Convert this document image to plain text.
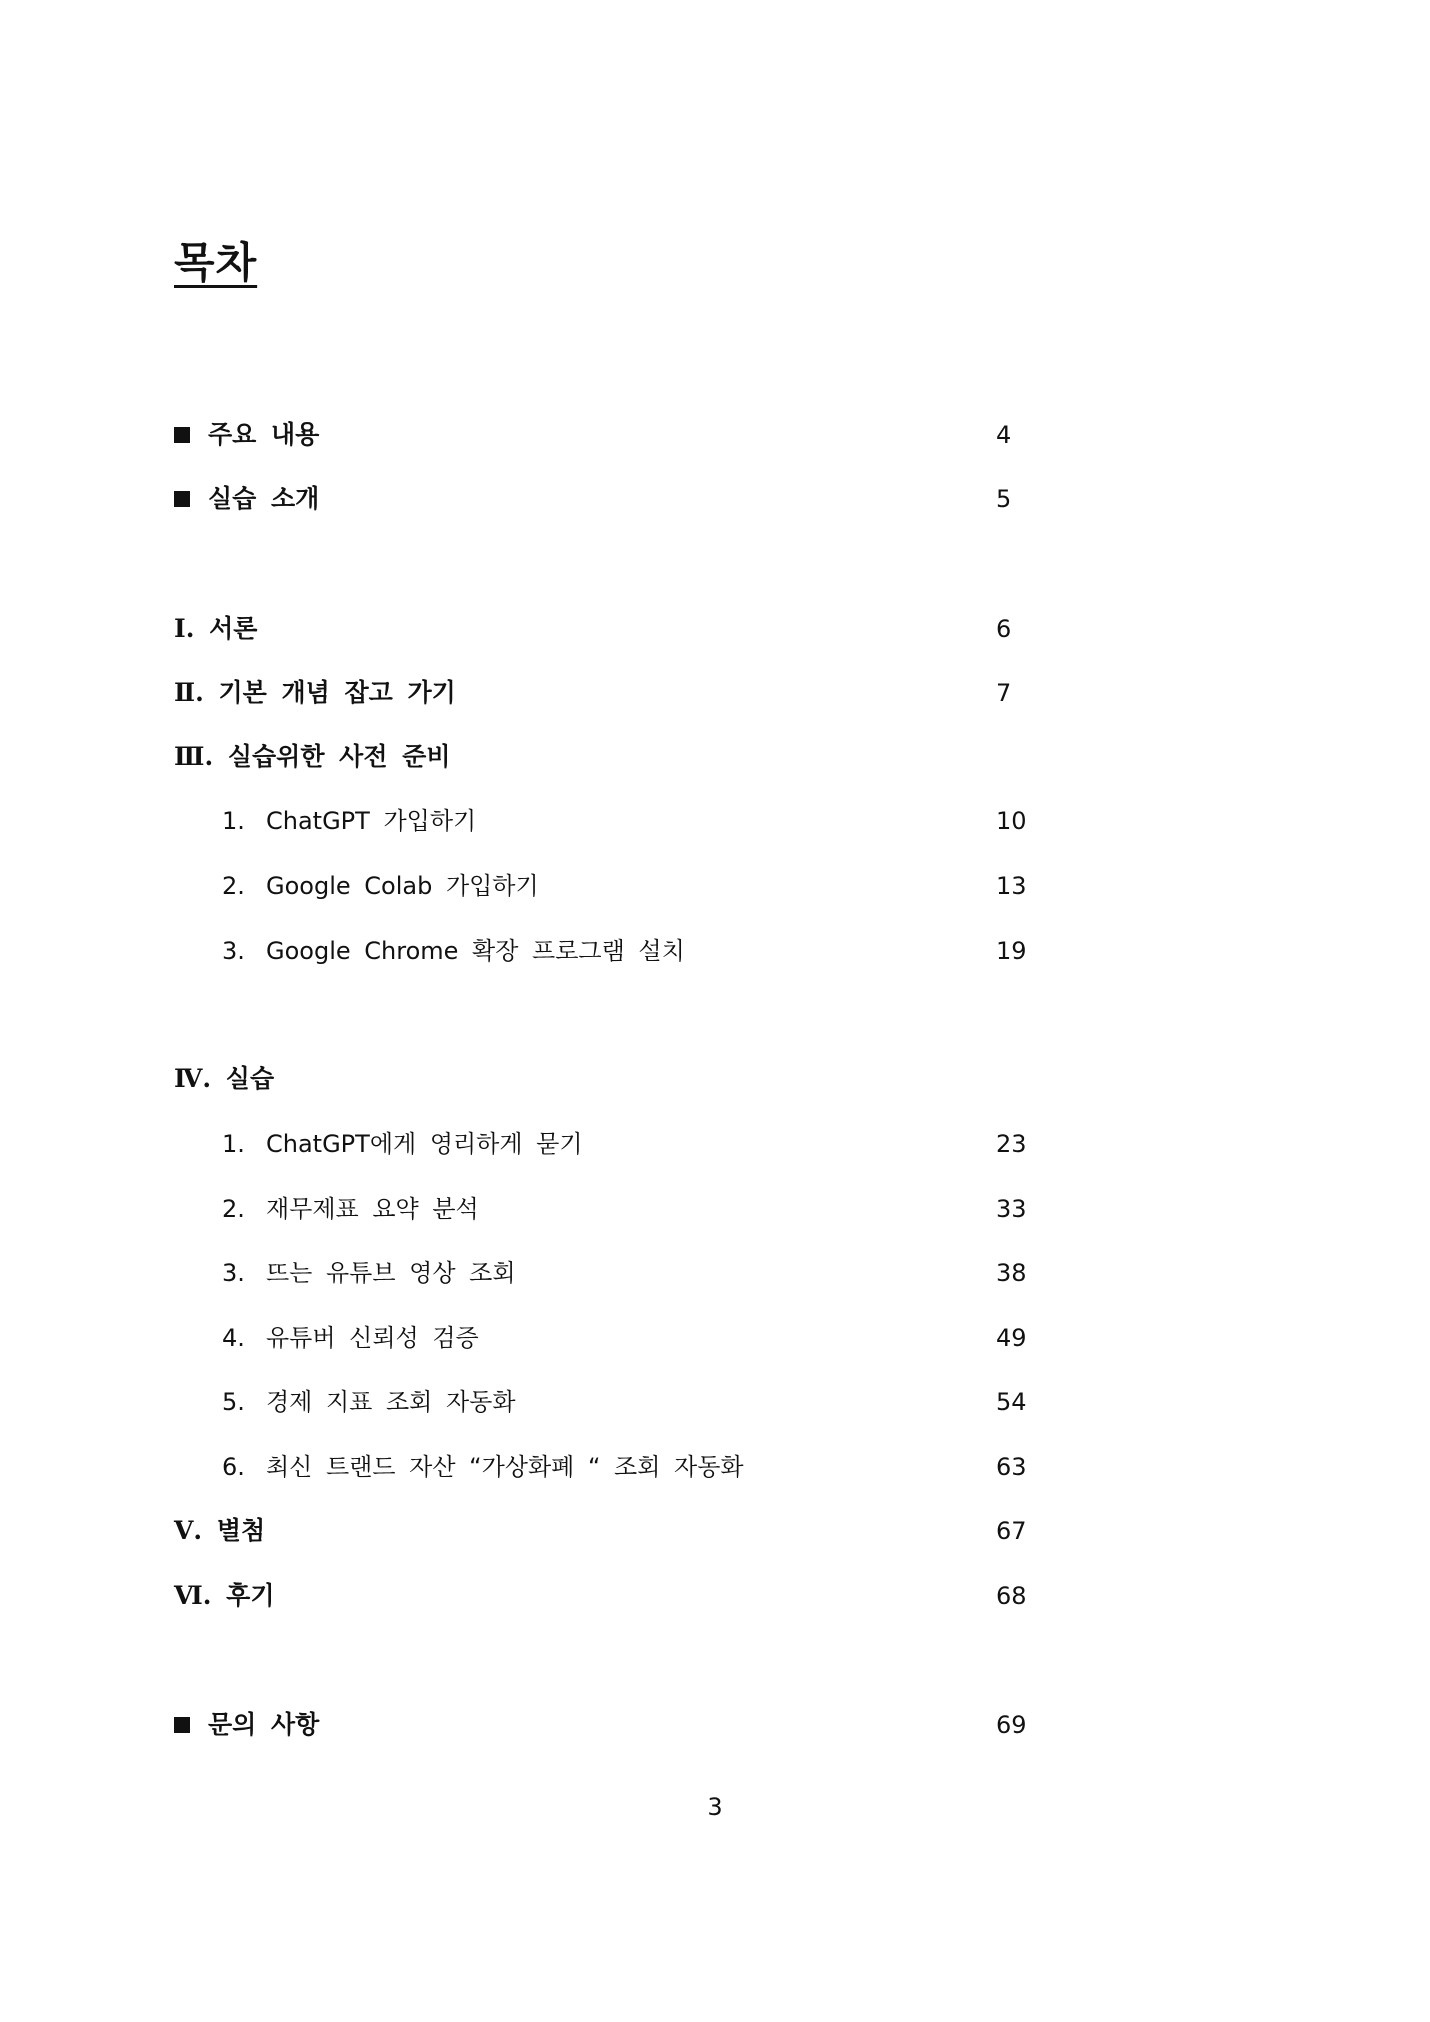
목차
주요 내용	4
실습 소개	5
Ⅰ. 서론	6
Ⅱ. 기본 개념 잡고 가기	7
Ⅲ. 실습위한 사전 준비
1. ChatGPT 가입하기	10
2. Google Colab 가입하기	13
3. Google Chrome 확장 프로그램 설치	19
Ⅳ. 실습
1. ChatGPT에게 영리하게 묻기	23
2. 재무제표 요약 분석	33
3. 뜨는 유튜브 영상 조회	38
4. 유튜버 신뢰성 검증	49
5. 경제 지표 조회 자동화	54
6. 최신 트랜드 자산 “가상화폐 “ 조회 자동화	63
Ⅴ. 별첨	67
Ⅵ. 후기	68
문의 사항	69
3
